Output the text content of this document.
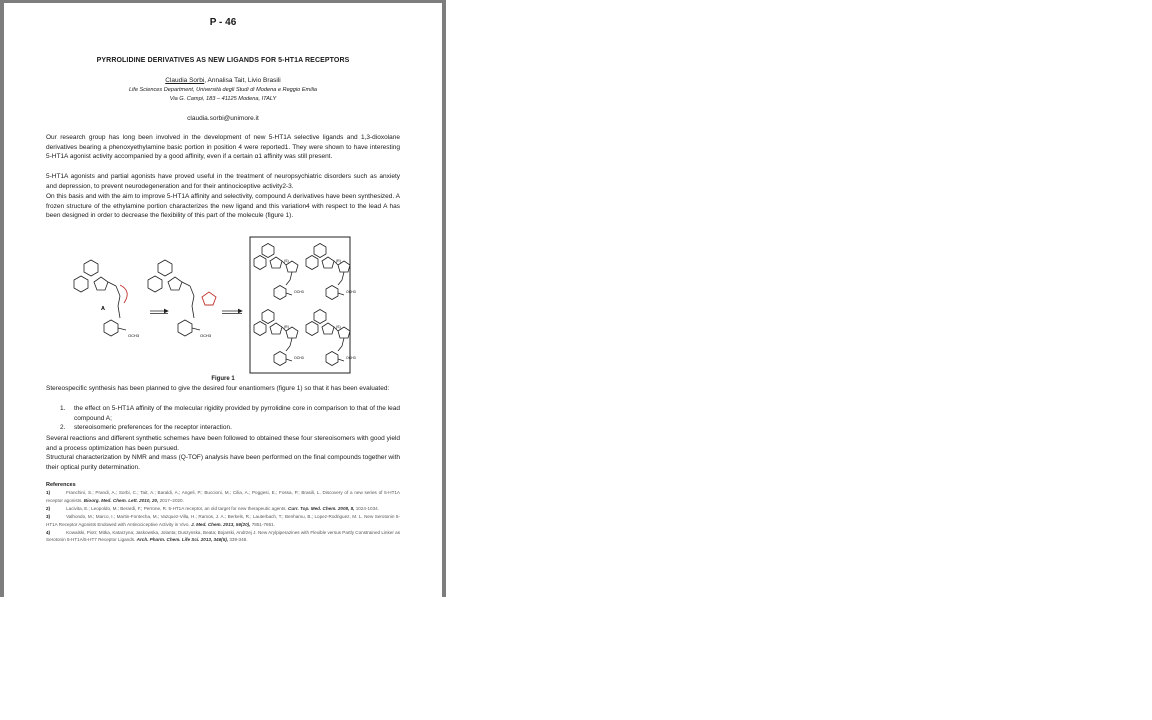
P - 46
PYRROLIDINE DERIVATIVES AS NEW LIGANDS FOR 5-HT1A RECEPTORS
Claudia Sorbi, Annalisa Tait, Livio Brasili
Life Sciences Department, Università degli Studi di Modena e Reggio Emilia
Via G. Campi, 183 – 41125 Modena, ITALY
claudia.sorbi@unimore.it
Our research group has long been involved in the development of new 5-HT1A selective ligands and 1,3-dioxolane derivatives bearing a phenoxyethylamine basic portion in position 4 were reported1. They were shown to have interesting 5-HT1A agonist activity accompanied by a good affinity, even if a certain α1 affinity was still present.
5-HT1A agonists and partial agonists have proved useful in the treatment of neuropsychiatric disorders such as anxiety and depression, to prevent neurodegeneration and for their antinociceptive activity2-3.
On this basis and with the aim to improve 5-HT1A affinity and selectivity, compound A derivatives have been synthesized. A frozen structure of the ethylamine portion characterizes the new ligand and this variation4 with respect to the lead A has been designed in order to decrease the flexibility of this part of the molecule (figure 1).
A
OCH3	OCH3
(S)
OCH3
(R)
OCH3
(R)
OCH3
(S)
OCH3
Figure 1
Stereospecific synthesis has been planned to give the desired four enantiomers (figure 1) so that it has been evaluated:
1. the effect on 5-HT1A affinity of the molecular rigidity provided by pyrrolidine core in comparison to that of the lead compound A;
2. stereoisomeric preferences for the receptor interaction.
Several reactions and different synthetic schemes have been followed to obtained these four stereoisomers with good yield and a process optimization has been pursued.
Structural characterization by NMR and mass (Q-TOF) analysis have been performed on the final compounds together with their optical purity determination.
References
1)	Franchini, S.; Prandi, A.; Sorbi, C.; Tait, A.; Baraldi, A.; Angeli, P.; Buccioni, M.; Cilia, A.; Poggesi, E.; Fossa, P.; Brasili, L. Discovery of a new series of 5-HT1A receptor agonists. Bioorg. Med. Chem. Lett. 2010, 20, 2017–2020.
2)	Lacivita, E.; Leopoldo, M.; Berardi, F.; Perrone, R. 5-HT1A receptor, an old target for new therapeutic agents. Curr. Top. Med. Chem. 2008, 8, 1024-1034.
3)	Valhondo, M.; Marco, I.; Martin-Fontecha, M.; Vazquez-Villa, H.; Ramos, J. A.; Berkels, R.; Lauterbach, T.; Benhamu, B.; Lopez-Rodriguez, M. L. New Serotonin 5-HT1A Receptor Agonists Endowed with Antinociceptive Activity in Vivo. J. Med. Chem. 2013, 56(20), 7851-7861.
4)	Kowalski, Piotr; Mitka, Katarzyna; Jaskowska, Jolanta; Duszynska, Beata; Bojarski, Andrzej J. New Arylpiperazines with Flexible versus Partly Constrained Linker as Serotonin 5-HT1A/5-HT7 Receptor Ligands. Arch. Pharm. Chem. Life Sci. 2013, 346(5), 339-348.
